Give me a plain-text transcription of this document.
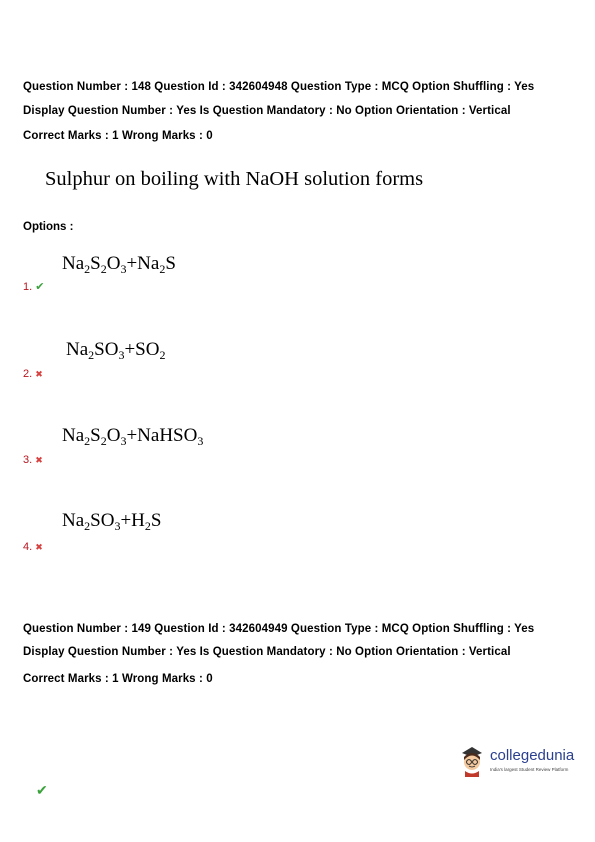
Question Number : 148 Question Id : 342604948 Question Type : MCQ Option Shuffling : Yes
Display Question Number : Yes Is Question Mandatory : No Option Orientation : Vertical
Correct Marks : 1 Wrong Marks : 0
Sulphur on boiling with NaOH solution forms
Options :
$Na_2S_2O_3+Na_2S$
1. ✔
$Na_2SO_3+SO_2$
2. ✖
$Na_2S_2O_3+NaHSO_3$
3. ✖
$Na_2SO_3+H_2S$
4. ✖
Question Number : 149 Question Id : 342604949 Question Type : MCQ Option Shuffling : Yes
Display Question Number : Yes Is Question Mandatory : No Option Orientation : Vertical
Correct Marks : 1 Wrong Marks : 0
collegedunia
India's largest Student Review Platform
✔
